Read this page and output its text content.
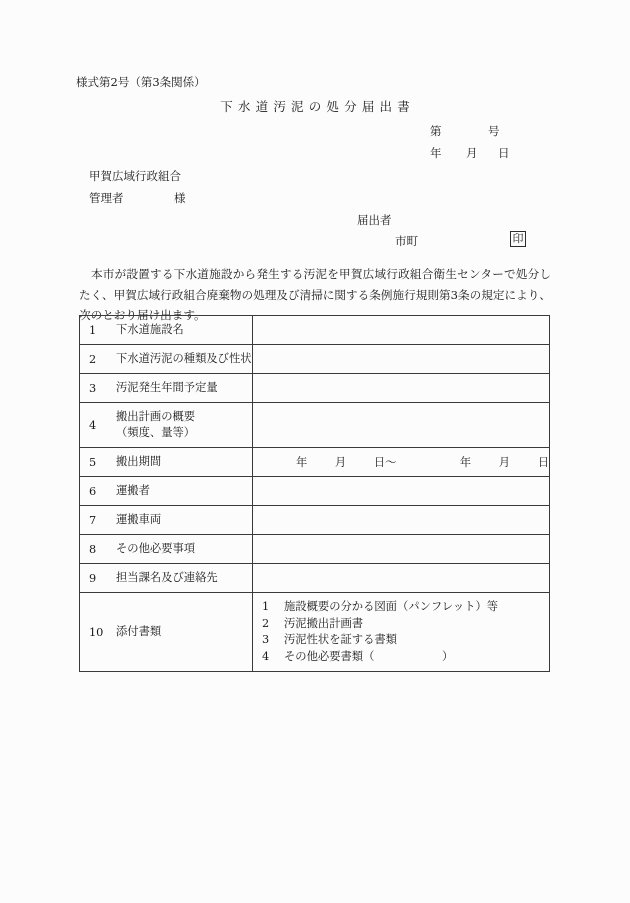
様式第2号（第3条関係）
下水道汚泥の処分届出書
第	号
年	月	日
甲賀広域行政組合
管理者	様
届出者
市町	印
本市が設置する下水道施設から発生する汚泥を甲賀広域行政組合衛生センターで処分したく、甲賀広域行政組合廃棄物の処理及び清掃に関する条例施行規則第3条の規定により、次のとおり届け出ます。
1 下水道施設名	

2 下水道汚泥の種類及び性状	

3 汚泥発生年間予定量	

4
搬出計画の概要
（頻度、量等）	

5	搬出期間	年	月	日〜	年	月	日

6 運搬者	

7 運搬車両	

8 その他必要事項	

9 担当課名及び連絡先	

10	添付書類

1	施設概要の分かる図面（パンフレット）等
2	汚泥搬出計画書
3	汚泥性状を証する書類
4	その他必要書類（	）
